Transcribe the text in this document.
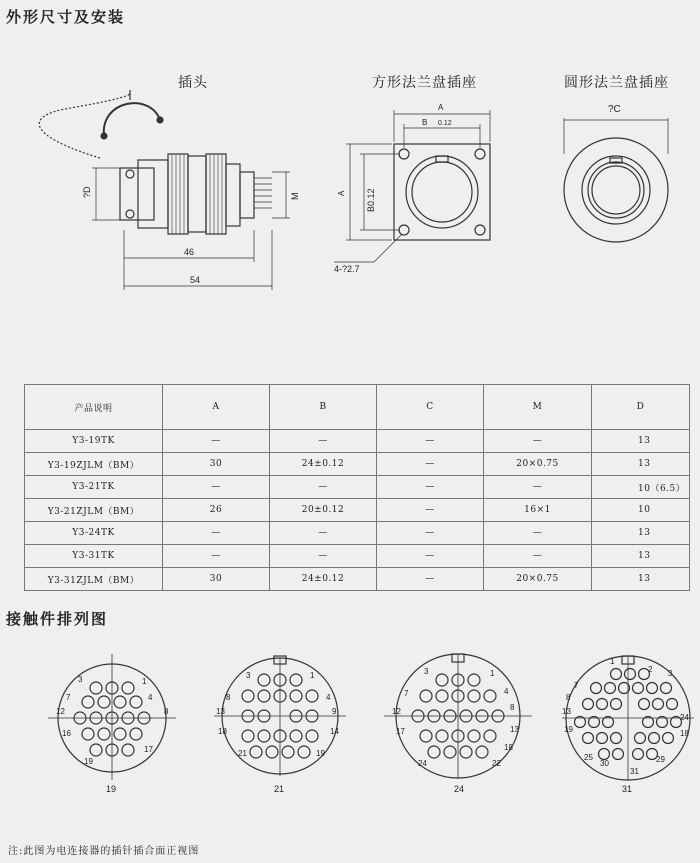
外形尺寸及安装
插头	方形法兰盘插座	圆形法兰盘插座
?D	M
46
54
A
B 0.12
A B0.12
4-?2.7
?C
产品说明	A	B	C	M	D
Y3-19TK	—	—	—	—	13
Y3-19ZJLM（BM）	30	24±0.12	—	20×0.75	13
Y3-21TK	—	—	—	—	10（6.5）
Y3-21ZJLM（BM）	26	20±0.12	—	16×1	10
Y3-24TK	—	—	—	—	13
Y3-31TK	—	—	—	—	13
Y3-31ZJLM（BM）	30	24±0.12	—	20×0.75	13
接触件排列图
1
3
7	4
12	8
16
17
19
19
1
3
8	4
13	9
18	14
21	19
21
1
3
4
7
12	8
17	13
18
24	22
24
2
1
7
3
8
13
19
24
18
25
30	29
31
31
注:此图为电连接器的插针插合面正视图
